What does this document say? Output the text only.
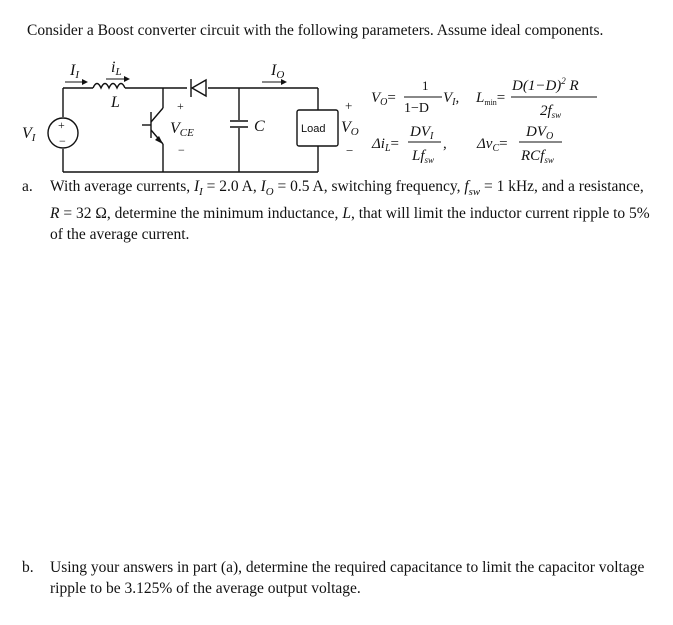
Consider a Boost converter circuit with the following parameters. Assume ideal components.
II iL
L
IO
VI
+
−
+
VCE
−
C	Load
+
VO
−
$V_O=$
1
1−D
$V_I$, $L_{min}=$
$D(1-D)^2$ R
$2f_{sw}$
$\Delta i_L=$
$DV_I$
$Lf_{sw}$
, $\Delta v_C=$
$DV_O$
RCf$_{sw}$
a. With average currents, $I_I = 2.0$ A, $I_O = 0.5$ A, switching frequency, $f_{sw} = 1$ kHz, and a resistance, R = 32 Ω, determine the minimum inductance, L, that will limit the inductor current ripple to 5% of the average current.
b. Using your answers in part (a), determine the required capacitance to limit the capacitor voltage ripple to be 3.125% of the average output voltage.
